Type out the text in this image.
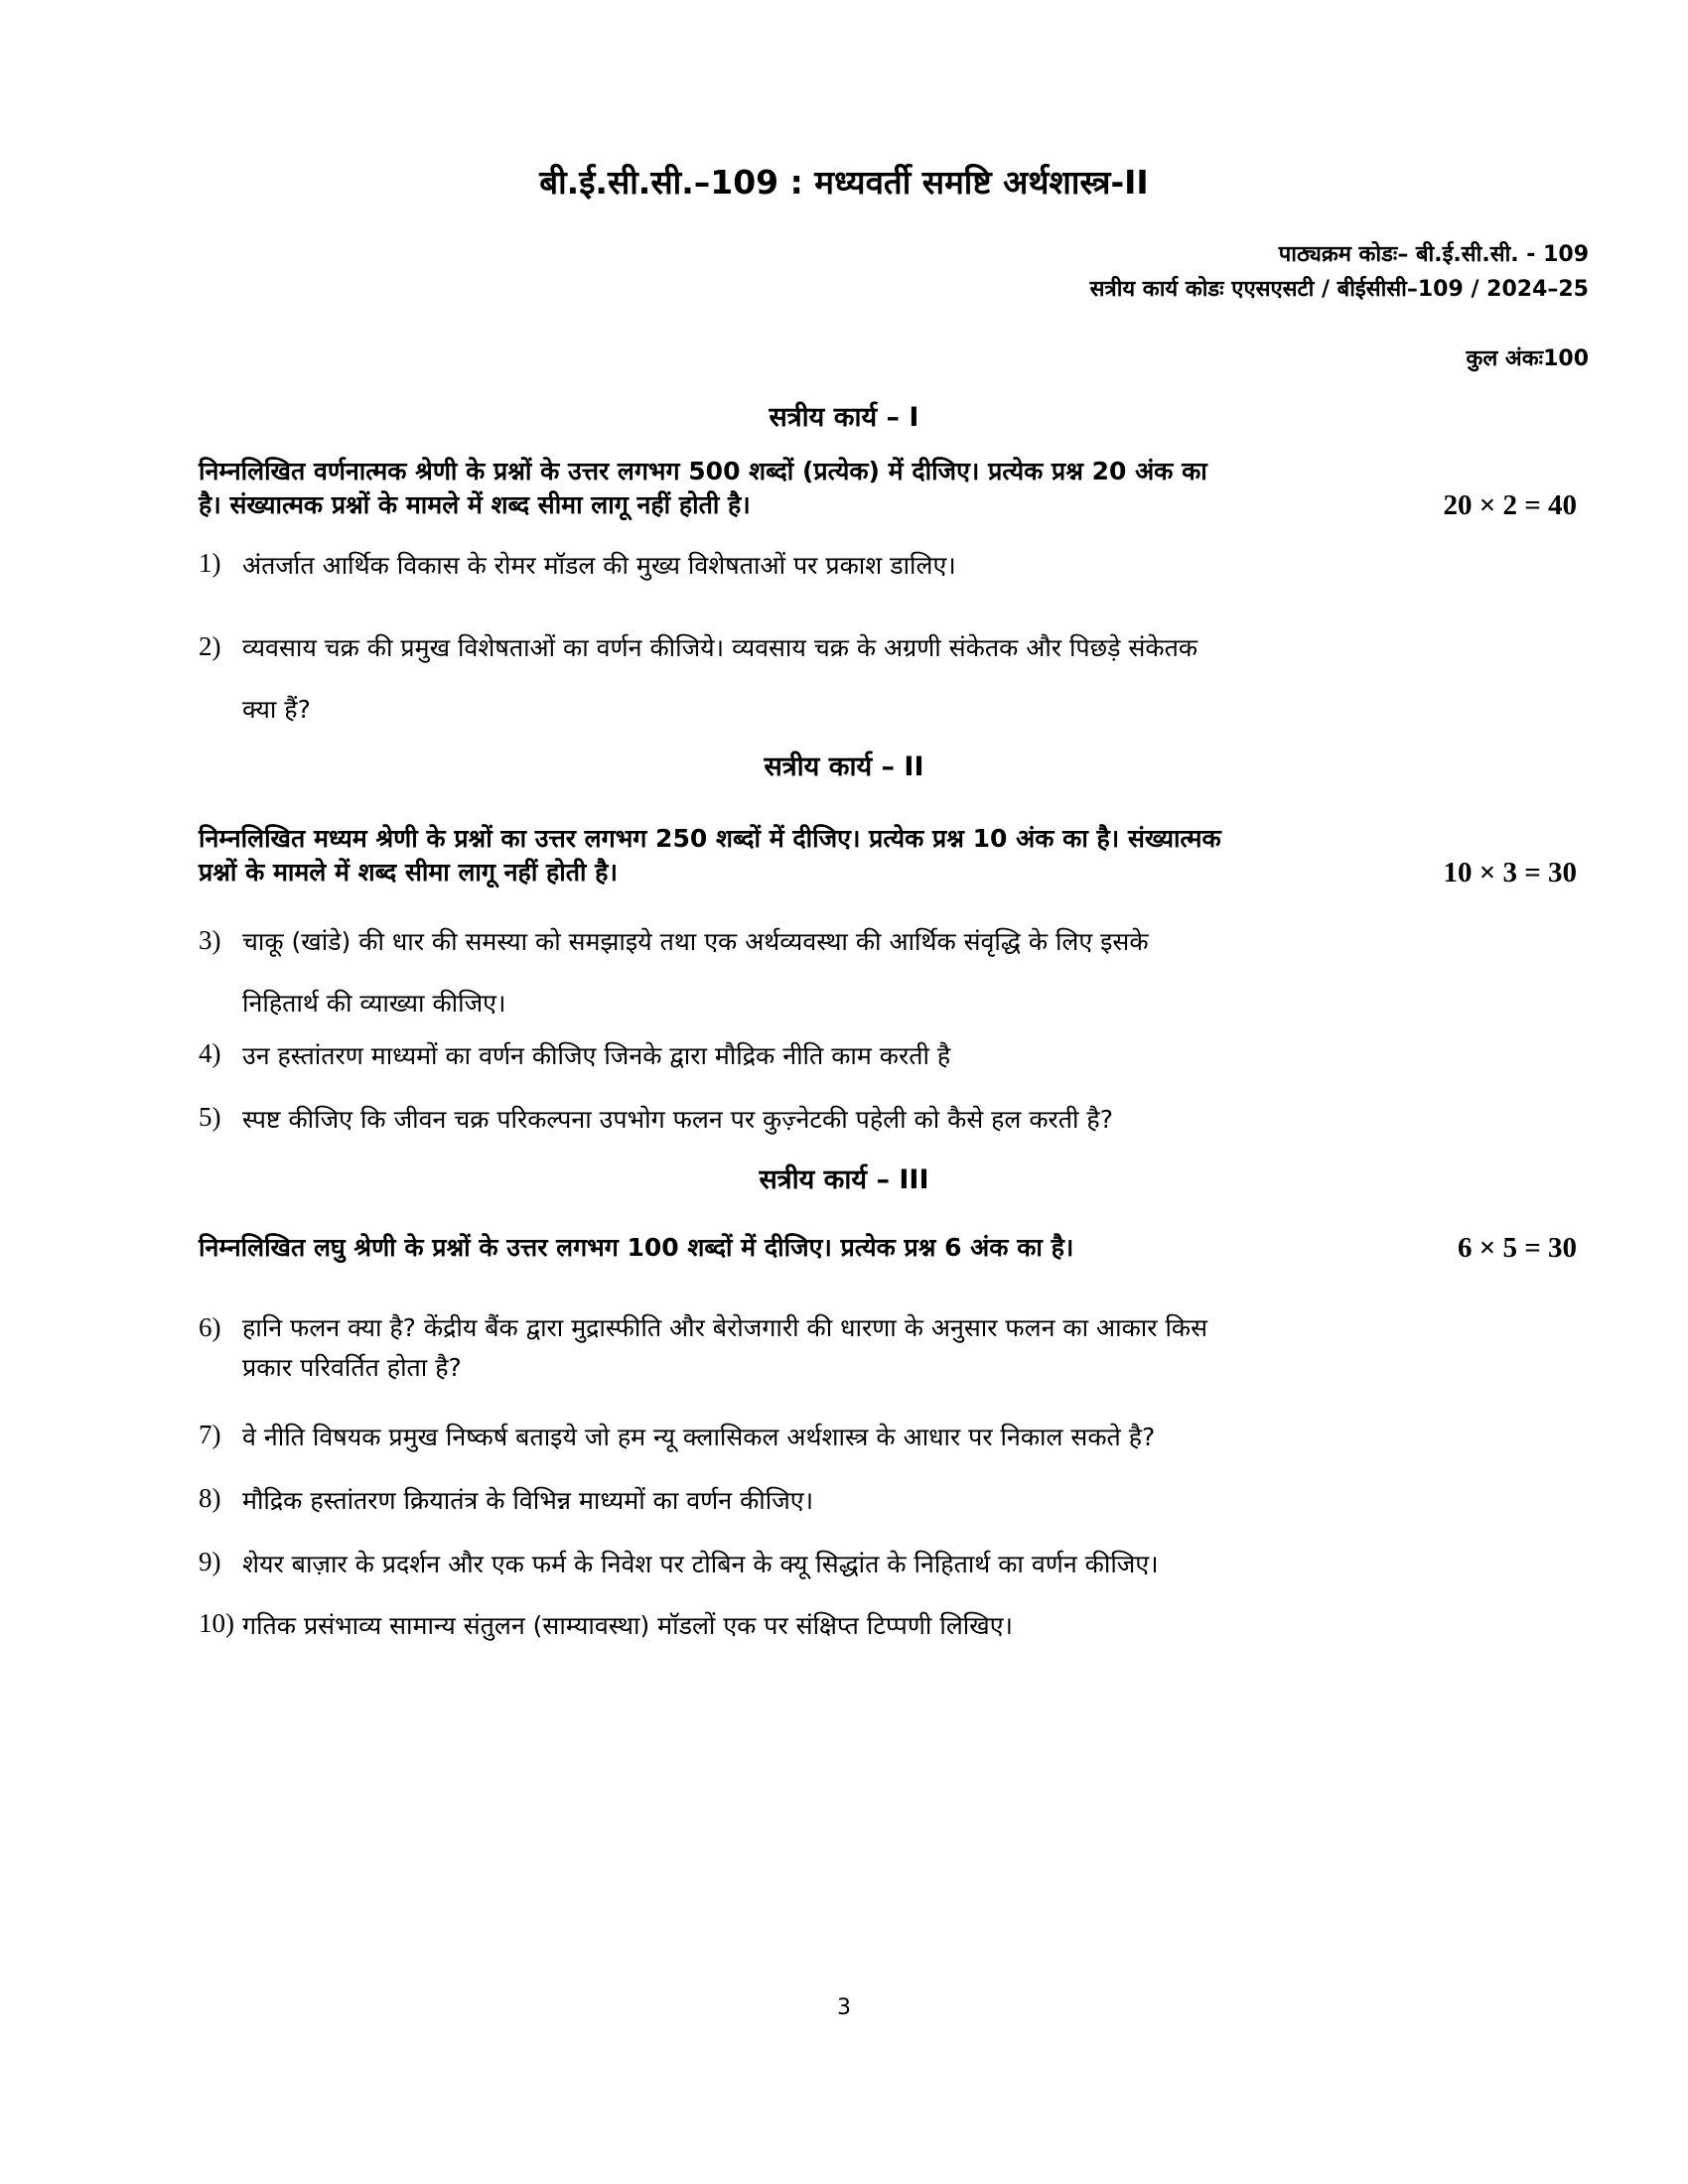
बी.ई.सी.सी.–109 : मध्यवर्ती समष्टि अर्थशास्त्र-II
पाठ्यक्रम कोडः– बी.ई.सी.सी. - 109
सत्रीय कार्य कोडः एएसएसटी / बीईसीसी–109 / 2024–25
कुल अंकः100
सत्रीय कार्य – I
निम्नलिखित वर्णनात्मक श्रेणी के प्रश्नों के उत्तर लगभग 500 शब्दों (प्रत्येक) में दीजिए। प्रत्येक प्रश्न 20 अंक का
है। संख्यात्मक प्रश्नों के मामले में शब्द सीमा लागू नहीं होती है।	20 × 2 = 40
1) अंतर्जात आर्थिक विकास के रोमर मॉडल की मुख्य विशेषताओं पर प्रकाश डालिए।
2) व्यवसाय चक्र की प्रमुख विशेषताओं का वर्णन कीजिये। व्यवसाय चक्र के अग्रणी संकेतक और पिछड़े संकेतक
क्या हैं?
सत्रीय कार्य – II
निम्नलिखित मध्यम श्रेणी के प्रश्नों का उत्तर लगभग 250 शब्दों में दीजिए। प्रत्येक प्रश्न 10 अंक का है। संख्यात्मक
प्रश्नों के मामले में शब्द सीमा लागू नहीं होती है।	10 × 3 = 30
3) चाकू (खांडे) की धार की समस्या को समझाइये तथा एक अर्थव्यवस्था की आर्थिक संवृद्धि के लिए इसके
निहितार्थ की व्याख्या कीजिए।
4) उन हस्तांतरण माध्यमों का वर्णन कीजिए जिनके द्वारा मौद्रिक नीति काम करती है
5) स्पष्ट कीजिए कि जीवन चक्र परिकल्पना उपभोग फलन पर कुज़्नेटकी पहेली को कैसे हल करती है?
सत्रीय कार्य – III
निम्नलिखित लघु श्रेणी के प्रश्नों के उत्तर लगभग 100 शब्दों में दीजिए। प्रत्येक प्रश्न 6 अंक का है।	6 × 5 = 30
6) हानि फलन क्या है? केंद्रीय बैंक द्वारा मुद्रास्फीति और बेरोजगारी की धारणा के अनुसार फलन का आकार किस
प्रकार परिवर्तित होता है?
7) वे नीति विषयक प्रमुख निष्कर्ष बताइये जो हम न्यू क्लासिकल अर्थशास्त्र के आधार पर निकाल सकते है?
8) मौद्रिक हस्तांतरण क्रियातंत्र के विभिन्न माध्यमों का वर्णन कीजिए।
9) शेयर बाज़ार के प्रदर्शन और एक फर्म के निवेश पर टोबिन के क्यू सिद्धांत के निहितार्थ का वर्णन कीजिए।
10) गतिक प्रसंभाव्य सामान्य संतुलन (साम्यावस्था) मॉडलों एक पर संक्षिप्त टिप्पणी लिखिए।
3
